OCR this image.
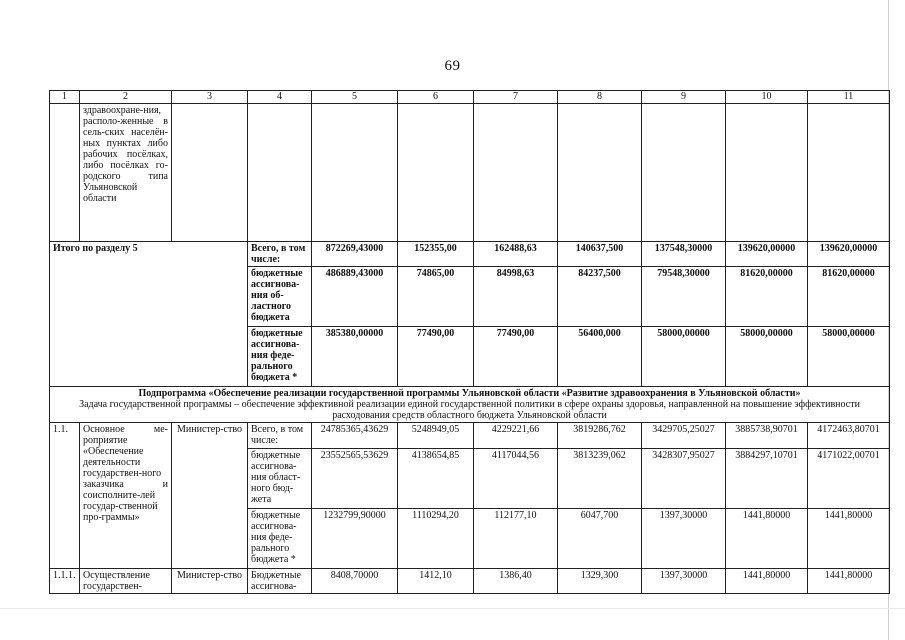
69
1	2	3	4	5	6	7	8	9	10	11
	здравоохране-ния, располо-женные в сель-ских населён-ных пунктах либо рабочих посёлках, либо посёлках го-родского типа Ульяновской области									
Итого по разделу 5			Всего, в том числе:	872269,43000	152355,00	162488,63	140637,500	137548,30000	139620,00000	139620,00000
			бюджетные ассигнова-ния об-ластного бюджета	486889,43000	74865,00	84998,63	84237,500	79548,30000	81620,00000	81620,00000
			бюджетные ассигнова-ния феде-рального бюджета *	385380,00000	77490,00	77490,00	56400,000	58000,00000	58000,00000	58000,00000

Подпрограмма «Обеспечение реализации государственной программы Ульяновской области «Развитие здравоохранения в Ульяновской области»
Задача государственной программы – обеспечение эффективной реализации единой государственной политики в сфере охраны здоровья, направленной на повышение эффективности расходования средств областного бюджета Ульяновской области										

1.1.	Основное ме-роприятие «Обеспечение деятельности государствен-ного заказчика и соисполните-лей государ-ственной про-граммы»	Министер-ство	Всего, в том числе:	24785365,43629	5248949,05	4229221,66	3819286,762	3429705,25027	3885738,90701	4172463,80701
			бюджетные ассигнова-ния област-ного бюд-жета	23552565,53629	4138654,85	4117044,56	3813239,062	3428307,95027	3884297,10701	4171022,00701
			бюджетные ассигнова-ния феде-рального бюджета *	1232799,90000	1110294,20	112177,10	6047,700	1397,30000	1441,80000	1441,80000
1.1.1.	Осуществление государствен-	Министер-ство	Бюджетные ассигнова-	8408,70000	1412,10	1386,40	1329,300	1397,30000	1441,80000	1441,80000
